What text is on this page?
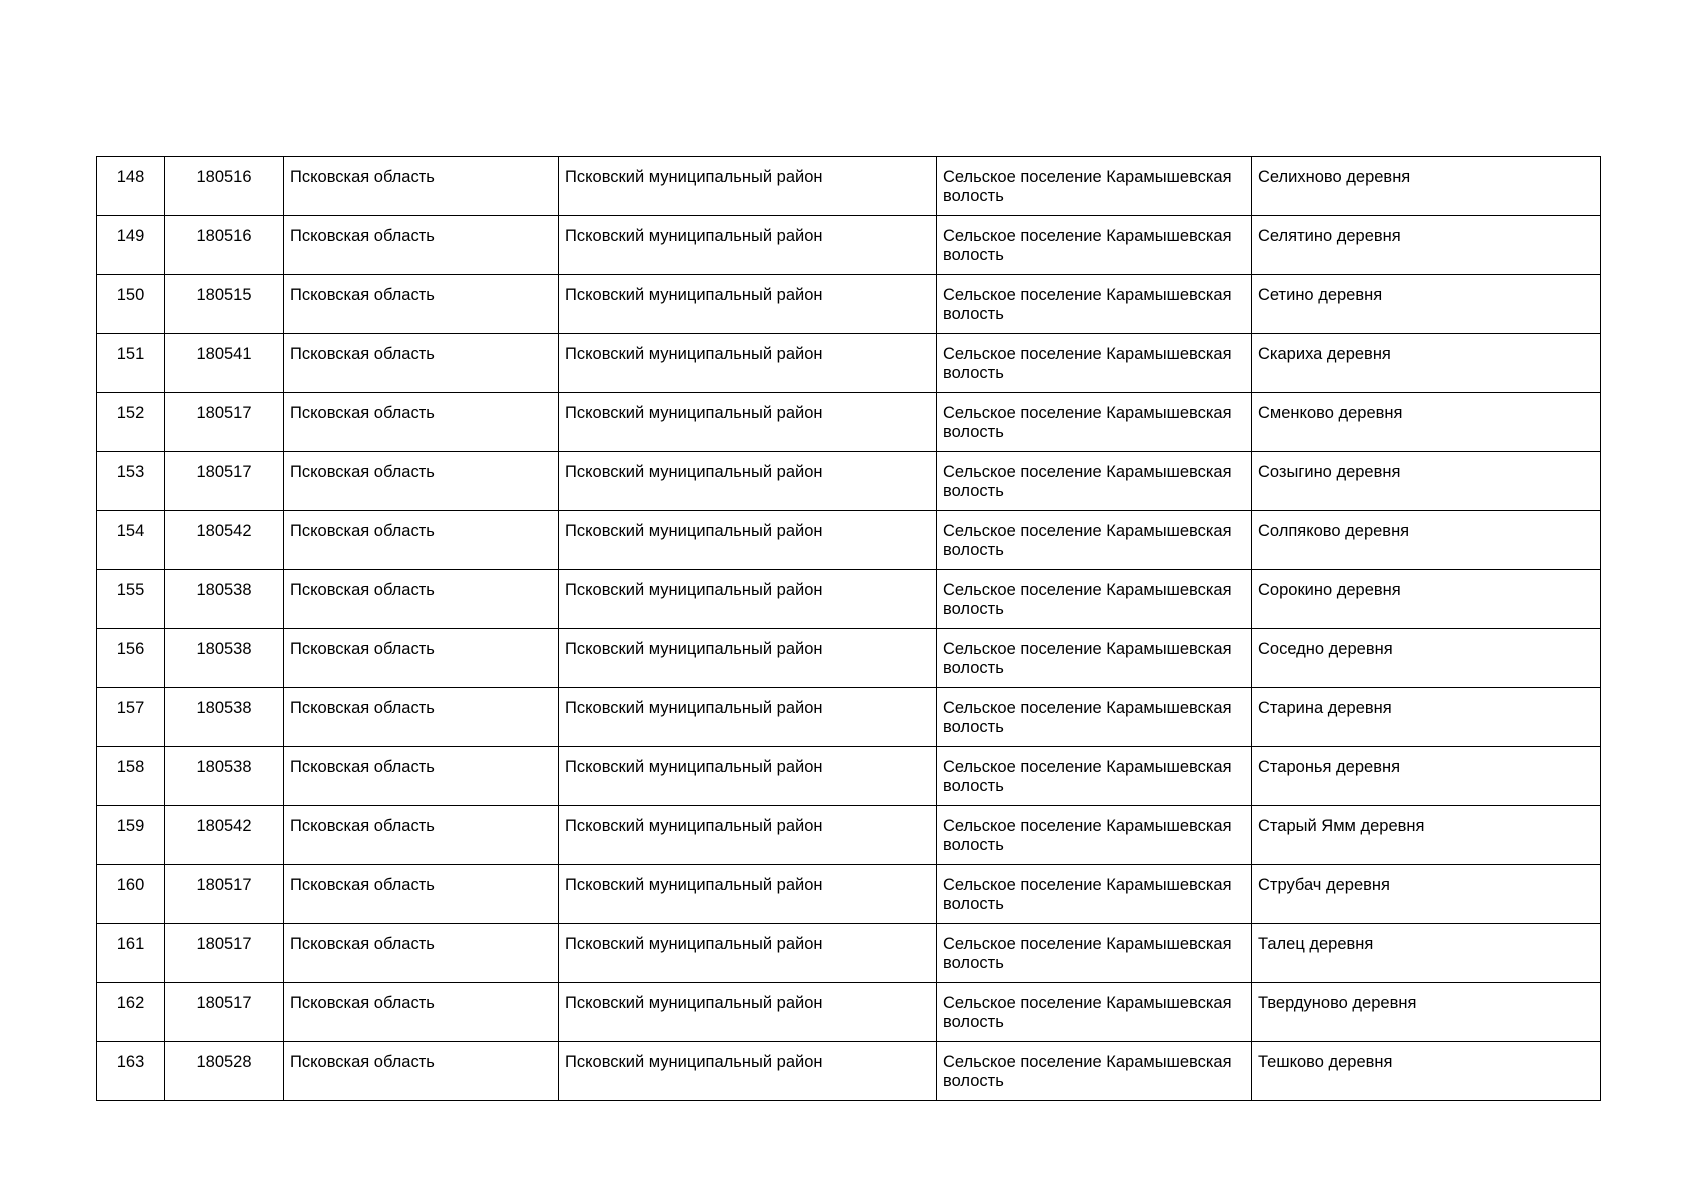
148	180516	Псковская область	Псковский муниципальный район	Сельское поселение Карамышевская волость	Селихново деревня
149	180516	Псковская область	Псковский муниципальный район	Сельское поселение Карамышевская волость	Селятино деревня
150	180515	Псковская область	Псковский муниципальный район	Сельское поселение Карамышевская волость	Сетино деревня
151	180541	Псковская область	Псковский муниципальный район	Сельское поселение Карамышевская волость	Скариха деревня
152	180517	Псковская область	Псковский муниципальный район	Сельское поселение Карамышевская волость	Сменково деревня
153	180517	Псковская область	Псковский муниципальный район	Сельское поселение Карамышевская волость	Созыгино деревня
154	180542	Псковская область	Псковский муниципальный район	Сельское поселение Карамышевская волость	Солпяково деревня
155	180538	Псковская область	Псковский муниципальный район	Сельское поселение Карамышевская волость	Сорокино деревня
156	180538	Псковская область	Псковский муниципальный район	Сельское поселение Карамышевская волость	Соседно деревня
157	180538	Псковская область	Псковский муниципальный район	Сельское поселение Карамышевская волость	Старина деревня
158	180538	Псковская область	Псковский муниципальный район	Сельское поселение Карамышевская волость	Старонья деревня
159	180542	Псковская область	Псковский муниципальный район	Сельское поселение Карамышевская волость	Старый Ямм деревня
160	180517	Псковская область	Псковский муниципальный район	Сельское поселение Карамышевская волость	Струбач деревня
161	180517	Псковская область	Псковский муниципальный район	Сельское поселение Карамышевская волость	Талец деревня
162	180517	Псковская область	Псковский муниципальный район	Сельское поселение Карамышевская волость	Твердуново деревня
163	180528	Псковская область	Псковский муниципальный район	Сельское поселение Карамышевская волость	Тешково деревня
